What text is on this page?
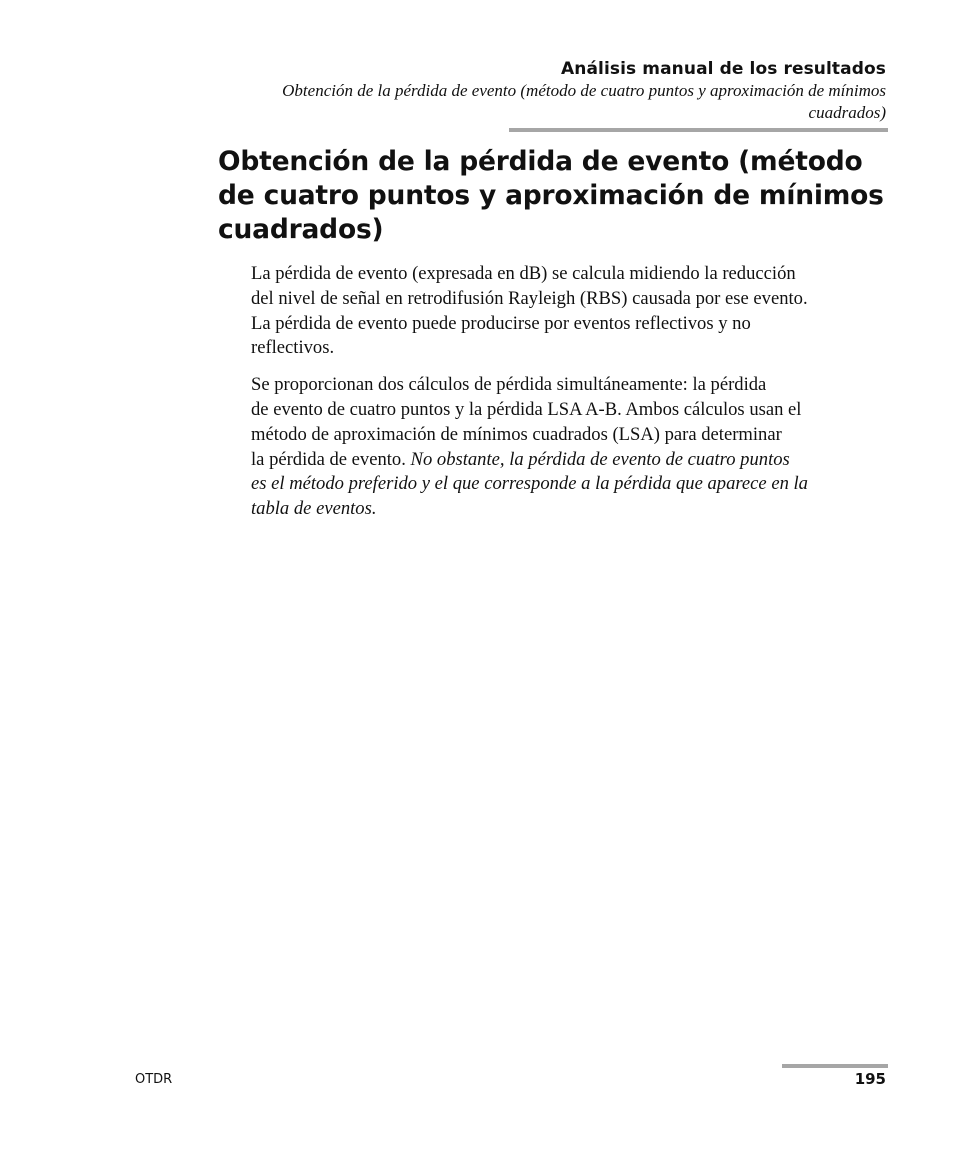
Análisis manual de los resultados

Obtención de la pérdida de evento (método de cuatro puntos y aproximación de mínimos
cuadrados)

Obtención de la pérdida de evento (método
de cuatro puntos y aproximación de mínimos
cuadrados)

La pérdida de evento (expresada en dB) se calcula midiendo la reducción
del nivel de señal en retrodifusión Rayleigh (RBS) causada por ese evento.
La pérdida de evento puede producirse por eventos reflectivos y no
reflectivos.

Se proporcionan dos cálculos de pérdida simultáneamente: la pérdida
de evento de cuatro puntos y la pérdida LSA A-B. Ambos cálculos usan el
método de aproximación de mínimos cuadrados (LSA) para determinar
la pérdida de evento. No obstante, la pérdida de evento de cuatro puntos
es el método preferido y el que corresponde a la pérdida que aparece en la
tabla de eventos.

OTDR	195
